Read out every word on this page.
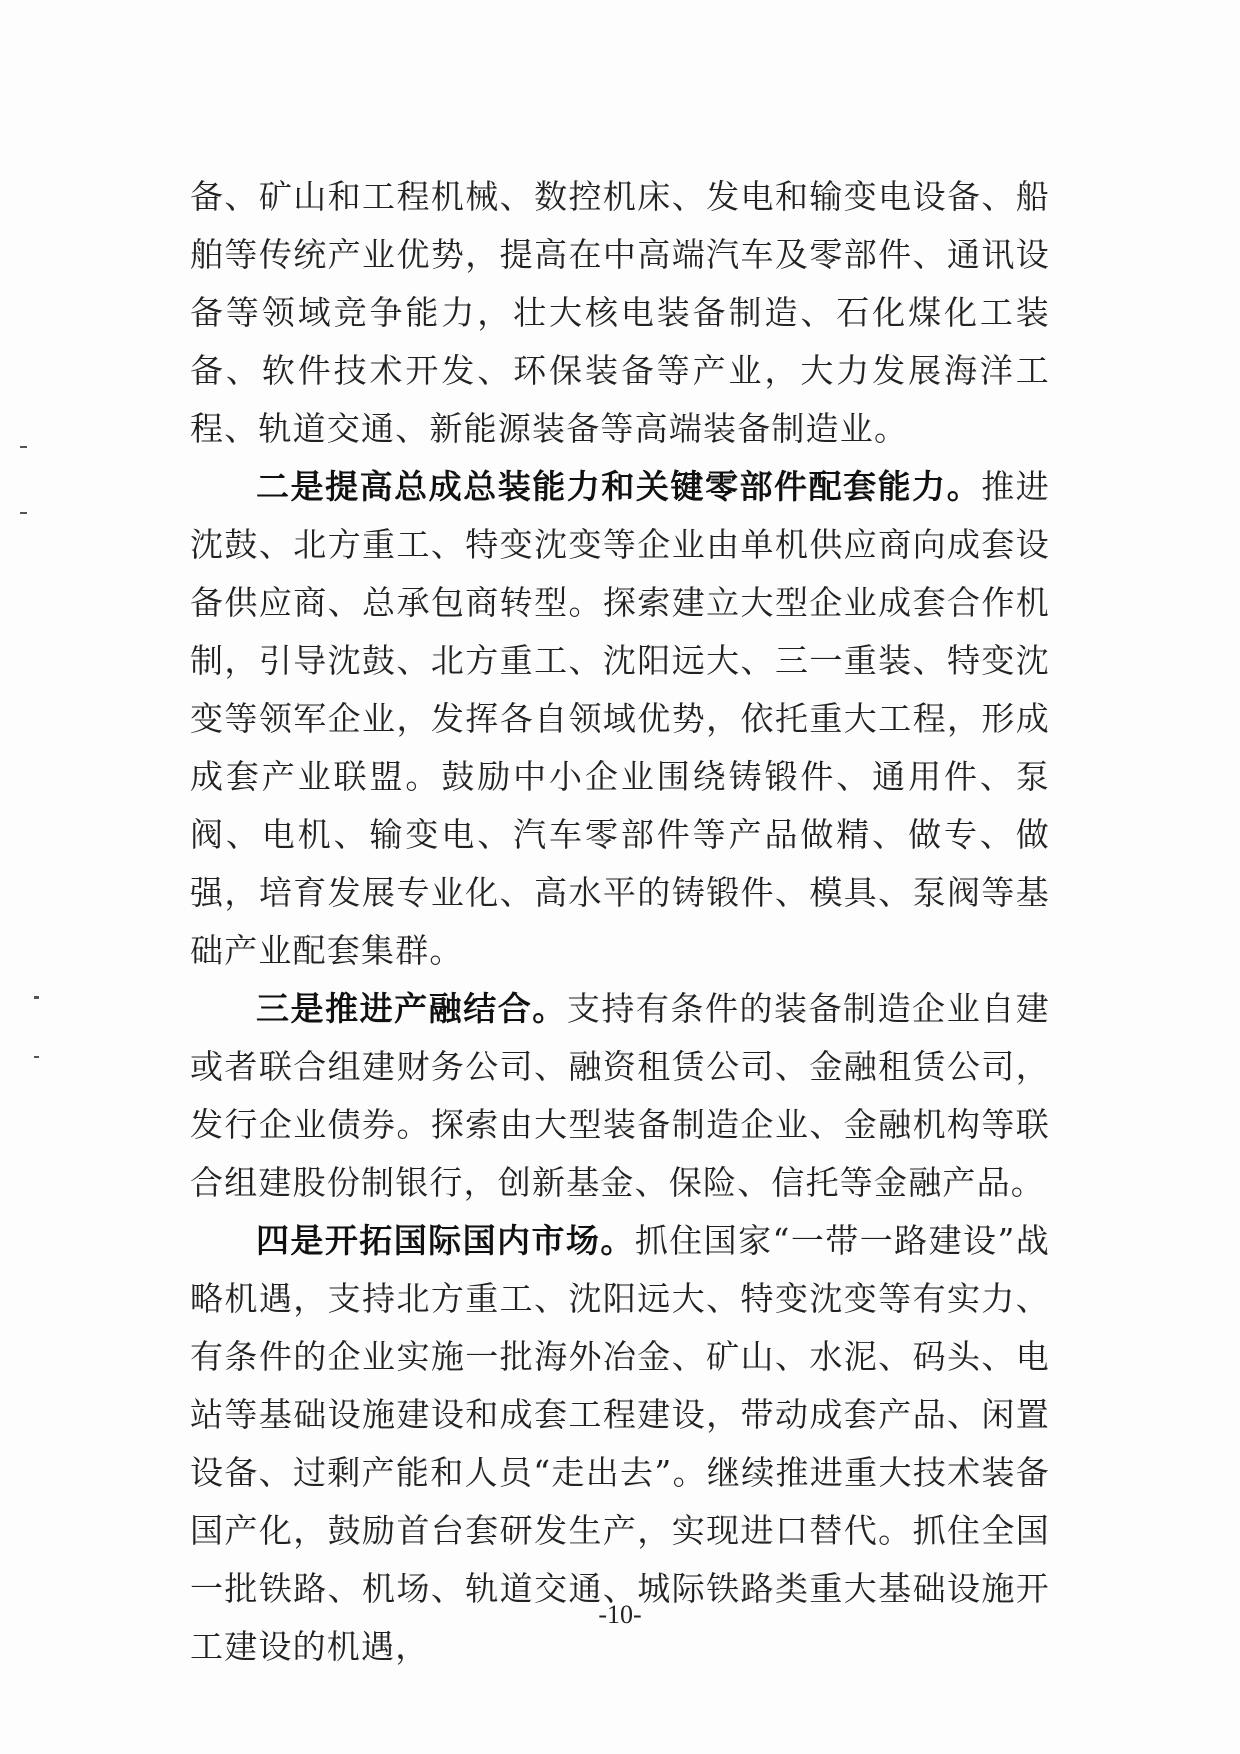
备、矿山和工程机械、数控机床、发电和输变电设备、船舶等传统产业优势，提高在中高端汽车及零部件、通讯设备等领域竞争能力，壮大核电装备制造、石化煤化工装备、软件技术开发、环保装备等产业，大力发展海洋工程、轨道交通、新能源装备等高端装备制造业。

二是提高总成总装能力和关键零部件配套能力。推进沈鼓、北方重工、特变沈变等企业由单机供应商向成套设备供应商、总承包商转型。探索建立大型企业成套合作机制，引导沈鼓、北方重工、沈阳远大、三一重装、特变沈变等领军企业，发挥各自领域优势，依托重大工程，形成成套产业联盟。鼓励中小企业围绕铸锻件、通用件、泵阀、电机、输变电、汽车零部件等产品做精、做专、做强，培育发展专业化、高水平的铸锻件、模具、泵阀等基础产业配套集群。

三是推进产融结合。支持有条件的装备制造企业自建或者联合组建财务公司、融资租赁公司、金融租赁公司，发行企业债券。探索由大型装备制造企业、金融机构等联合组建股份制银行，创新基金、保险、信托等金融产品。

四是开拓国际国内市场。抓住国家“一带一路建设”战略机遇，支持北方重工、沈阳远大、特变沈变等有实力、有条件的企业实施一批海外冶金、矿山、水泥、码头、电站等基础设施建设和成套工程建设，带动成套产品、闲置设备、过剩产能和人员“走出去”。继续推进重大技术装备国产化，鼓励首台套研发生产，实现进口替代。抓住全国一批铁路、机场、轨道交通、城际铁路类重大基础设施开工建设的机遇，

-10-
